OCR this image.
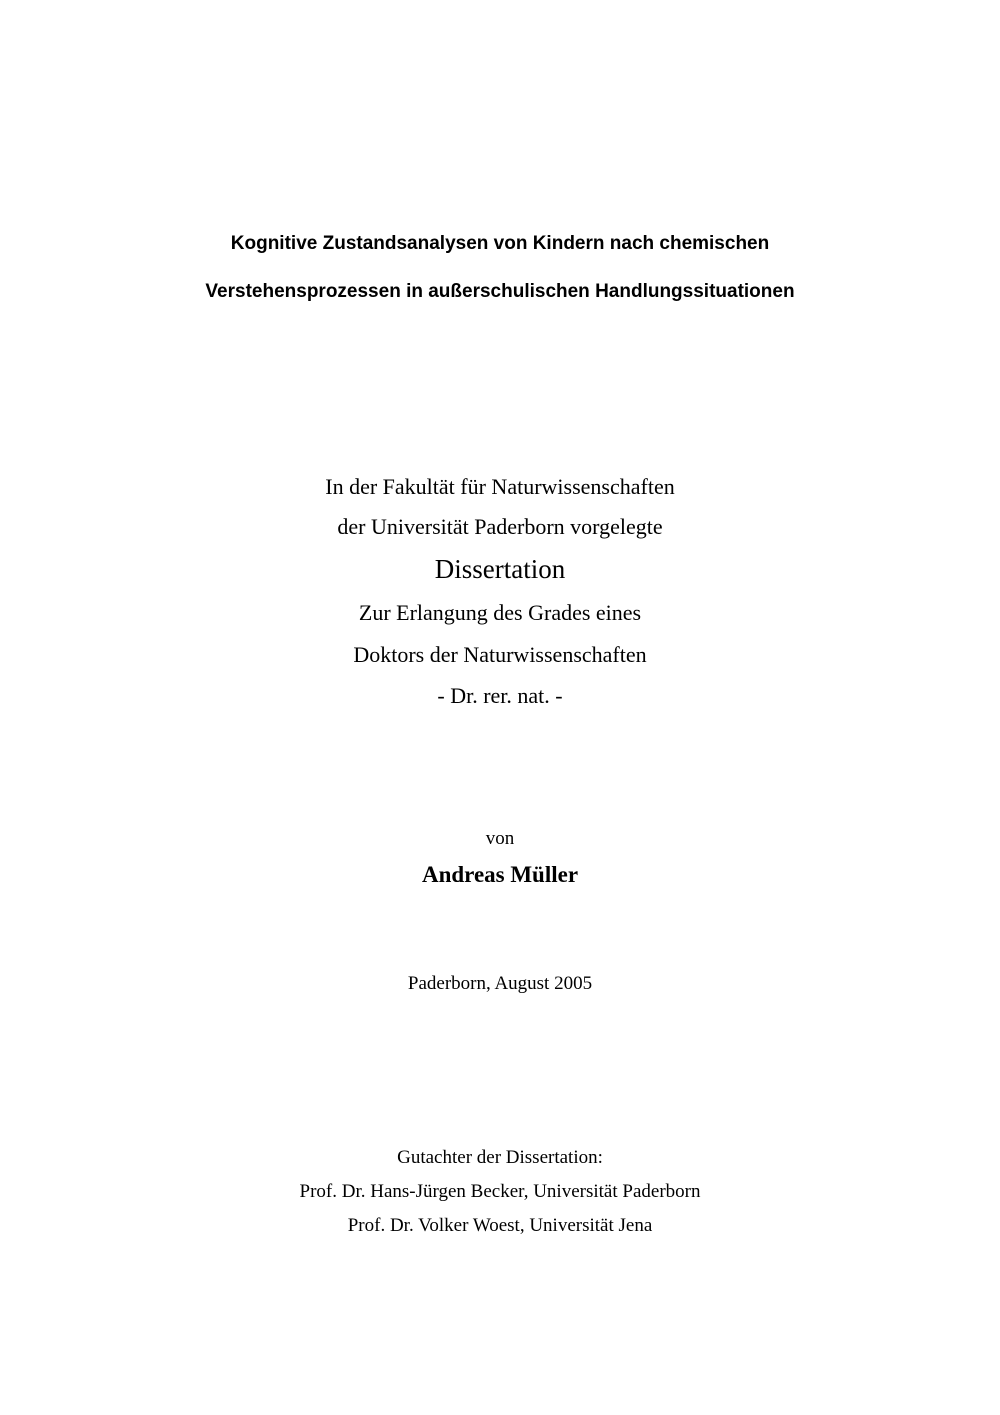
Kognitive Zustandsanalysen von Kindern nach chemischen
Verstehensprozessen in außerschulischen Handlungssituationen
In der Fakultät für Naturwissenschaften
der Universität Paderborn vorgelegte
Dissertation
Zur Erlangung des Grades eines
Doktors der Naturwissenschaften
- Dr. rer. nat. -
von
Andreas Müller
Paderborn, August 2005
Gutachter der Dissertation:
Prof. Dr. Hans-Jürgen Becker, Universität Paderborn
Prof. Dr. Volker Woest, Universität Jena
